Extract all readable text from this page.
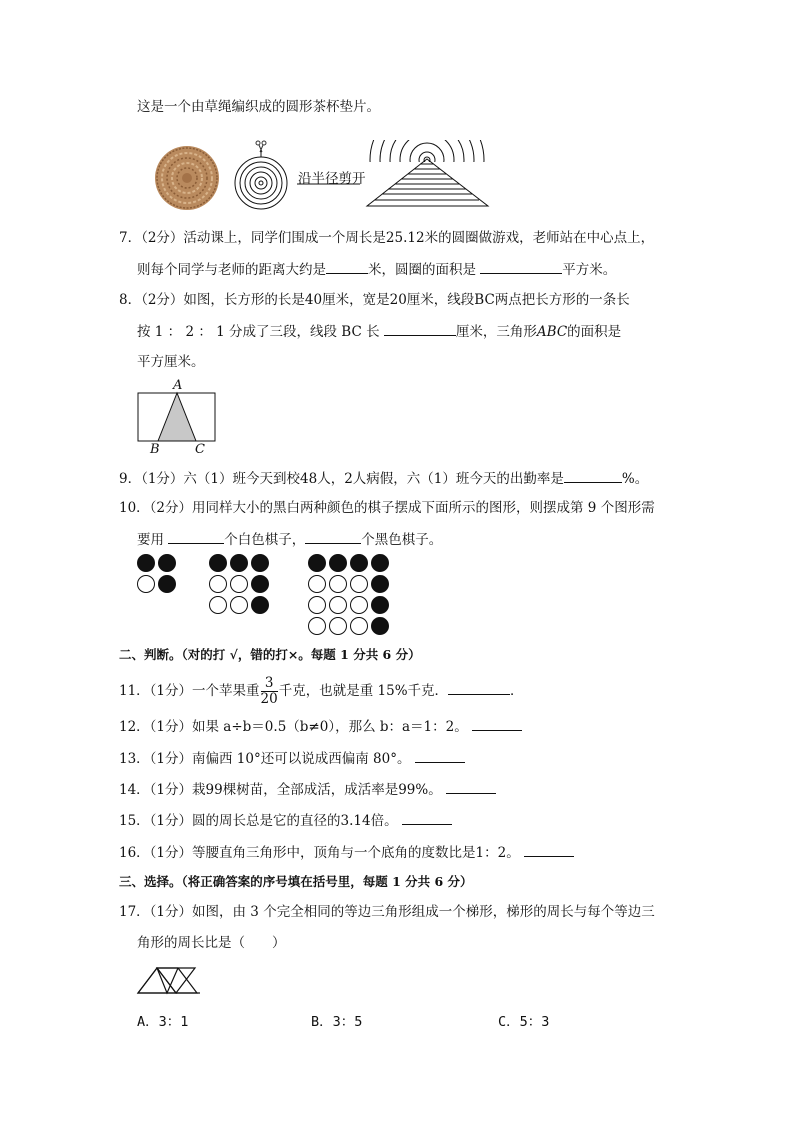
这是一个由草绳编织成的圆形茶杯垫片。
沿半径剪开
7．（2分）活动课上，同学们围成一个周长是25.12米的圆圈做游戏，老师站在中心点上，
则每个同学与老师的距离大约是	米，圆圈的面积是	平方米。
8．（2分）如图，长方形的长是40厘米，宽是20厘米，线段BC两点把长方形的一条长
按 1 ： 2 ： 1 分成了三段，线段 BC 长	厘米，三角形ABC的面积是
平方厘米。
A
B	C
9．（1分）六（1）班今天到校48人，2人病假，六（1）班今天的出勤率是	%。
10．（2分）用同样大小的黑白两种颜色的棋子摆成下面所示的图形，则摆成第 9 个图形需
要用	个白色棋子，	个黑色棋子。
二、判断。（对的打 √，错的打×。每题 1 分共 6 分）
11．（1分）一个苹果重 $\frac{3}{20}$ 千克，也就是重 15%千克．	．
12．（1分）如果 a÷b＝0.5（b≠0），那么 b：a＝1：2。
13．（1分）南偏西 10°还可以说成西偏南 80°。
14．（1分）栽99棵树苗，全部成活，成活率是99%。
15．（1分）圆的周长总是它的直径的3.14倍。
16．（1分）等腰直角三角形中，顶角与一个底角的度数比是1：2。
三、选择。（将正确答案的序号填在括号里，每题 1 分共 6 分）
17．（1分）如图，由 3 个完全相同的等边三角形组成一个梯形，梯形的周长与每个等边三
角形的周长比是（　　）
A．3：1	B．3：5	C．5：3
